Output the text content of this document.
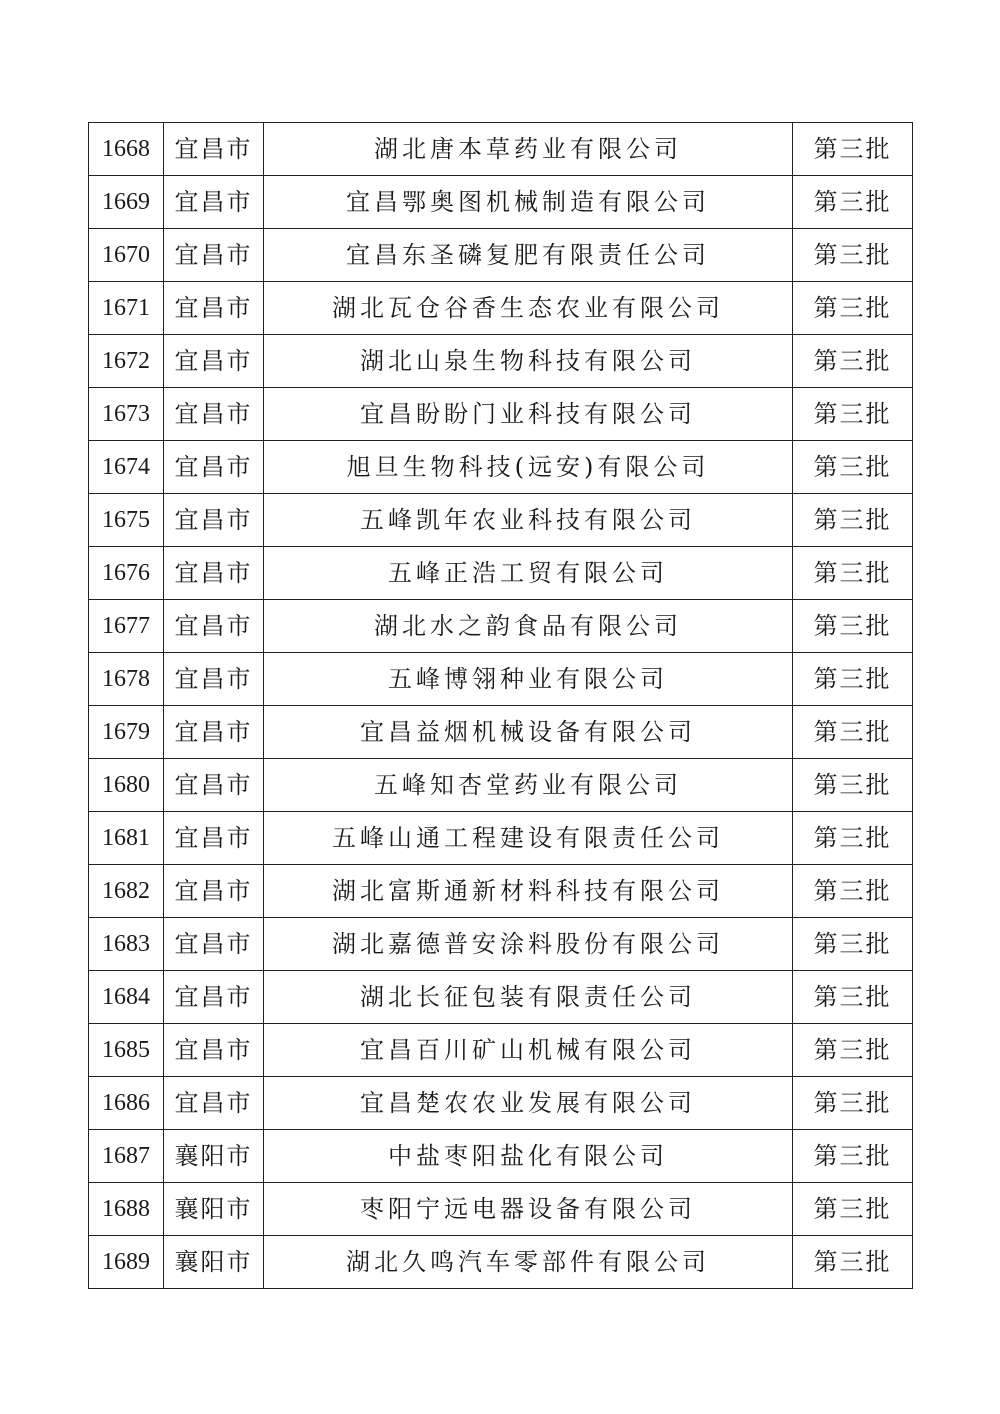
1668	宜昌市	湖北唐本草药业有限公司	第三批
1669	宜昌市	宜昌鄂奥图机械制造有限公司	第三批
1670	宜昌市	宜昌东圣磷复肥有限责任公司	第三批
1671	宜昌市	湖北瓦仓谷香生态农业有限公司	第三批
1672	宜昌市	湖北山泉生物科技有限公司	第三批
1673	宜昌市	宜昌盼盼门业科技有限公司	第三批
1674	宜昌市	旭旦生物科技(远安)有限公司	第三批
1675	宜昌市	五峰凯年农业科技有限公司	第三批
1676	宜昌市	五峰正浩工贸有限公司	第三批
1677	宜昌市	湖北水之韵食品有限公司	第三批
1678	宜昌市	五峰博翎种业有限公司	第三批
1679	宜昌市	宜昌益烟机械设备有限公司	第三批
1680	宜昌市	五峰知杏堂药业有限公司	第三批
1681	宜昌市	五峰山通工程建设有限责任公司	第三批
1682	宜昌市	湖北富斯通新材料科技有限公司	第三批
1683	宜昌市	湖北嘉德普安涂料股份有限公司	第三批
1684	宜昌市	湖北长征包装有限责任公司	第三批
1685	宜昌市	宜昌百川矿山机械有限公司	第三批
1686	宜昌市	宜昌楚农农业发展有限公司	第三批
1687	襄阳市	中盐枣阳盐化有限公司	第三批
1688	襄阳市	枣阳宁远电器设备有限公司	第三批
1689	襄阳市	湖北久鸣汽车零部件有限公司	第三批
